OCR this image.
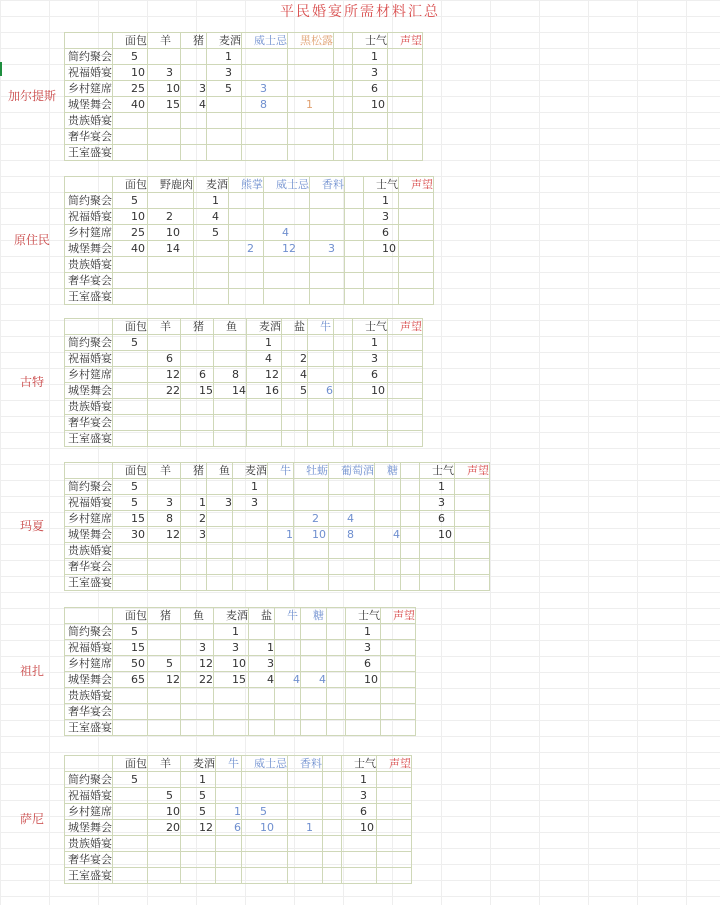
平民婚宴所需材料汇总
加尔提斯
	面包	羊	猪	麦酒	威士忌	黑松露		士气	声望
简约聚会	5			1				1	
祝福婚宴	10	3		3				3	
乡村筵席	25	10	3	5	3			6	
城堡舞会	40	15	4		8	1		10	
贵族婚宴									
奢华宴会									
王室盛宴									
原住民
	面包	野鹿肉	麦酒	熊掌	威士忌	香料		士气	声望
简约聚会	5		1					1	
祝福婚宴	10	2	4					3	
乡村筵席	25	10	5		4			6	
城堡舞会	40	14		2	12	3		10	
贵族婚宴									
奢华宴会									
王室盛宴									
古特
	面包	羊	猪	鱼	麦酒	盐	牛		士气	声望
简约聚会	5				1				1	
祝福婚宴		6			4	2			3	
乡村筵席		12	6	8	12	4			6	
城堡舞会		22	15	14	16	5	6		10	
贵族婚宴										
奢华宴会										
王室盛宴										
玛夏
	面包	羊	猪	鱼	麦酒	牛	牡蛎	葡萄酒	糖		士气	声望
简约聚会	5				1						1	
祝福婚宴	5	3	1	3	3						3	
乡村筵席	15	8	2				2	4			6	
城堡舞会	30	12	3			1	10	8	4		10	
贵族婚宴												
奢华宴会												
王室盛宴												
祖扎
	面包	猪	鱼	麦酒	盐	牛	糖		士气	声望
简约聚会	5			1					1	
祝福婚宴	15		3	3	1				3	
乡村筵席	50	5	12	10	3				6	
城堡舞会	65	12	22	15	4	4	4		10	
贵族婚宴										
奢华宴会										
王室盛宴										
萨尼
	面包	羊	麦酒	牛	威士忌	香料		士气	声望
简约聚会	5		1					1	
祝福婚宴		5	5					3	
乡村筵席		10	5	1	5			6	
城堡舞会		20	12	6	10	1		10	
贵族婚宴									
奢华宴会									
王室盛宴									
